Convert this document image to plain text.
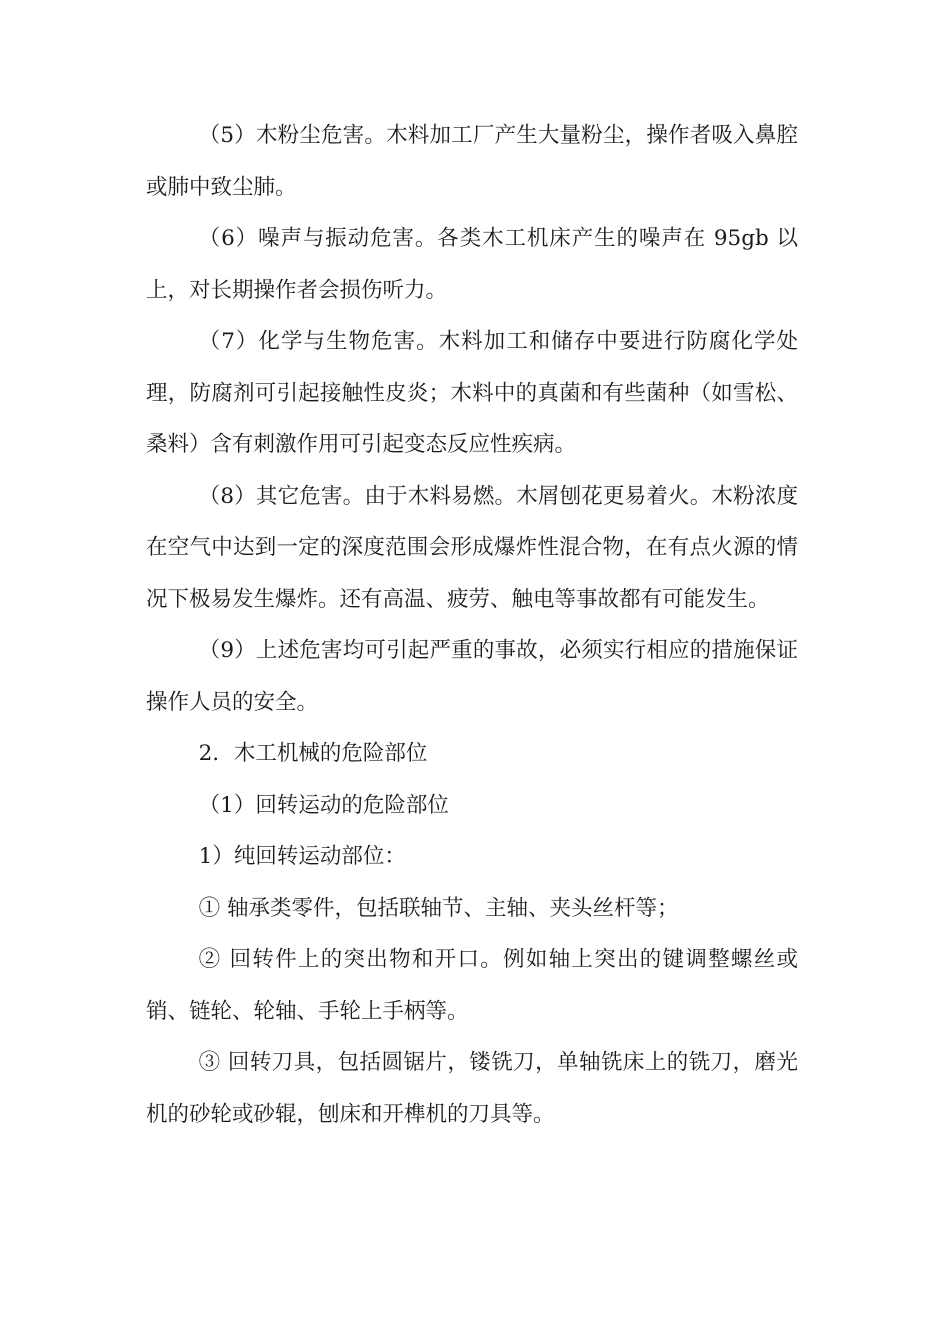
（5）木粉尘危害。木料加工厂产生大量粉尘，操作者吸入鼻腔或肺中致尘肺。

（6）噪声与振动危害。各类木工机床产生的噪声在 95gb 以上，对长期操作者会损伤听力。

（7）化学与生物危害。木料加工和储存中要进行防腐化学处理，防腐剂可引起接触性皮炎；木料中的真菌和有些菌种（如雪松、桑料）含有刺激作用可引起变态反应性疾病。

（8）其它危害。由于木料易燃。木屑刨花更易着火。木粉浓度在空气中达到一定的深度范围会形成爆炸性混合物，在有点火源的情况下极易发生爆炸。还有高温、疲劳、触电等事故都有可能发生。

（9）上述危害均可引起严重的事故，必须实行相应的措施保证操作人员的安全。

2．木工机械的危险部位

（1）回转运动的危险部位

1）纯回转运动部位：

① 轴承类零件，包括联轴节、主轴、夹头丝杆等；

② 回转件上的突出物和开口。例如轴上突出的键调整螺丝或销、链轮、轮轴、手轮上手柄等。

③ 回转刀具，包括圆锯片，镂铣刀，单轴铣床上的铣刀，磨光机的砂轮或砂辊，刨床和开榫机的刀具等。
